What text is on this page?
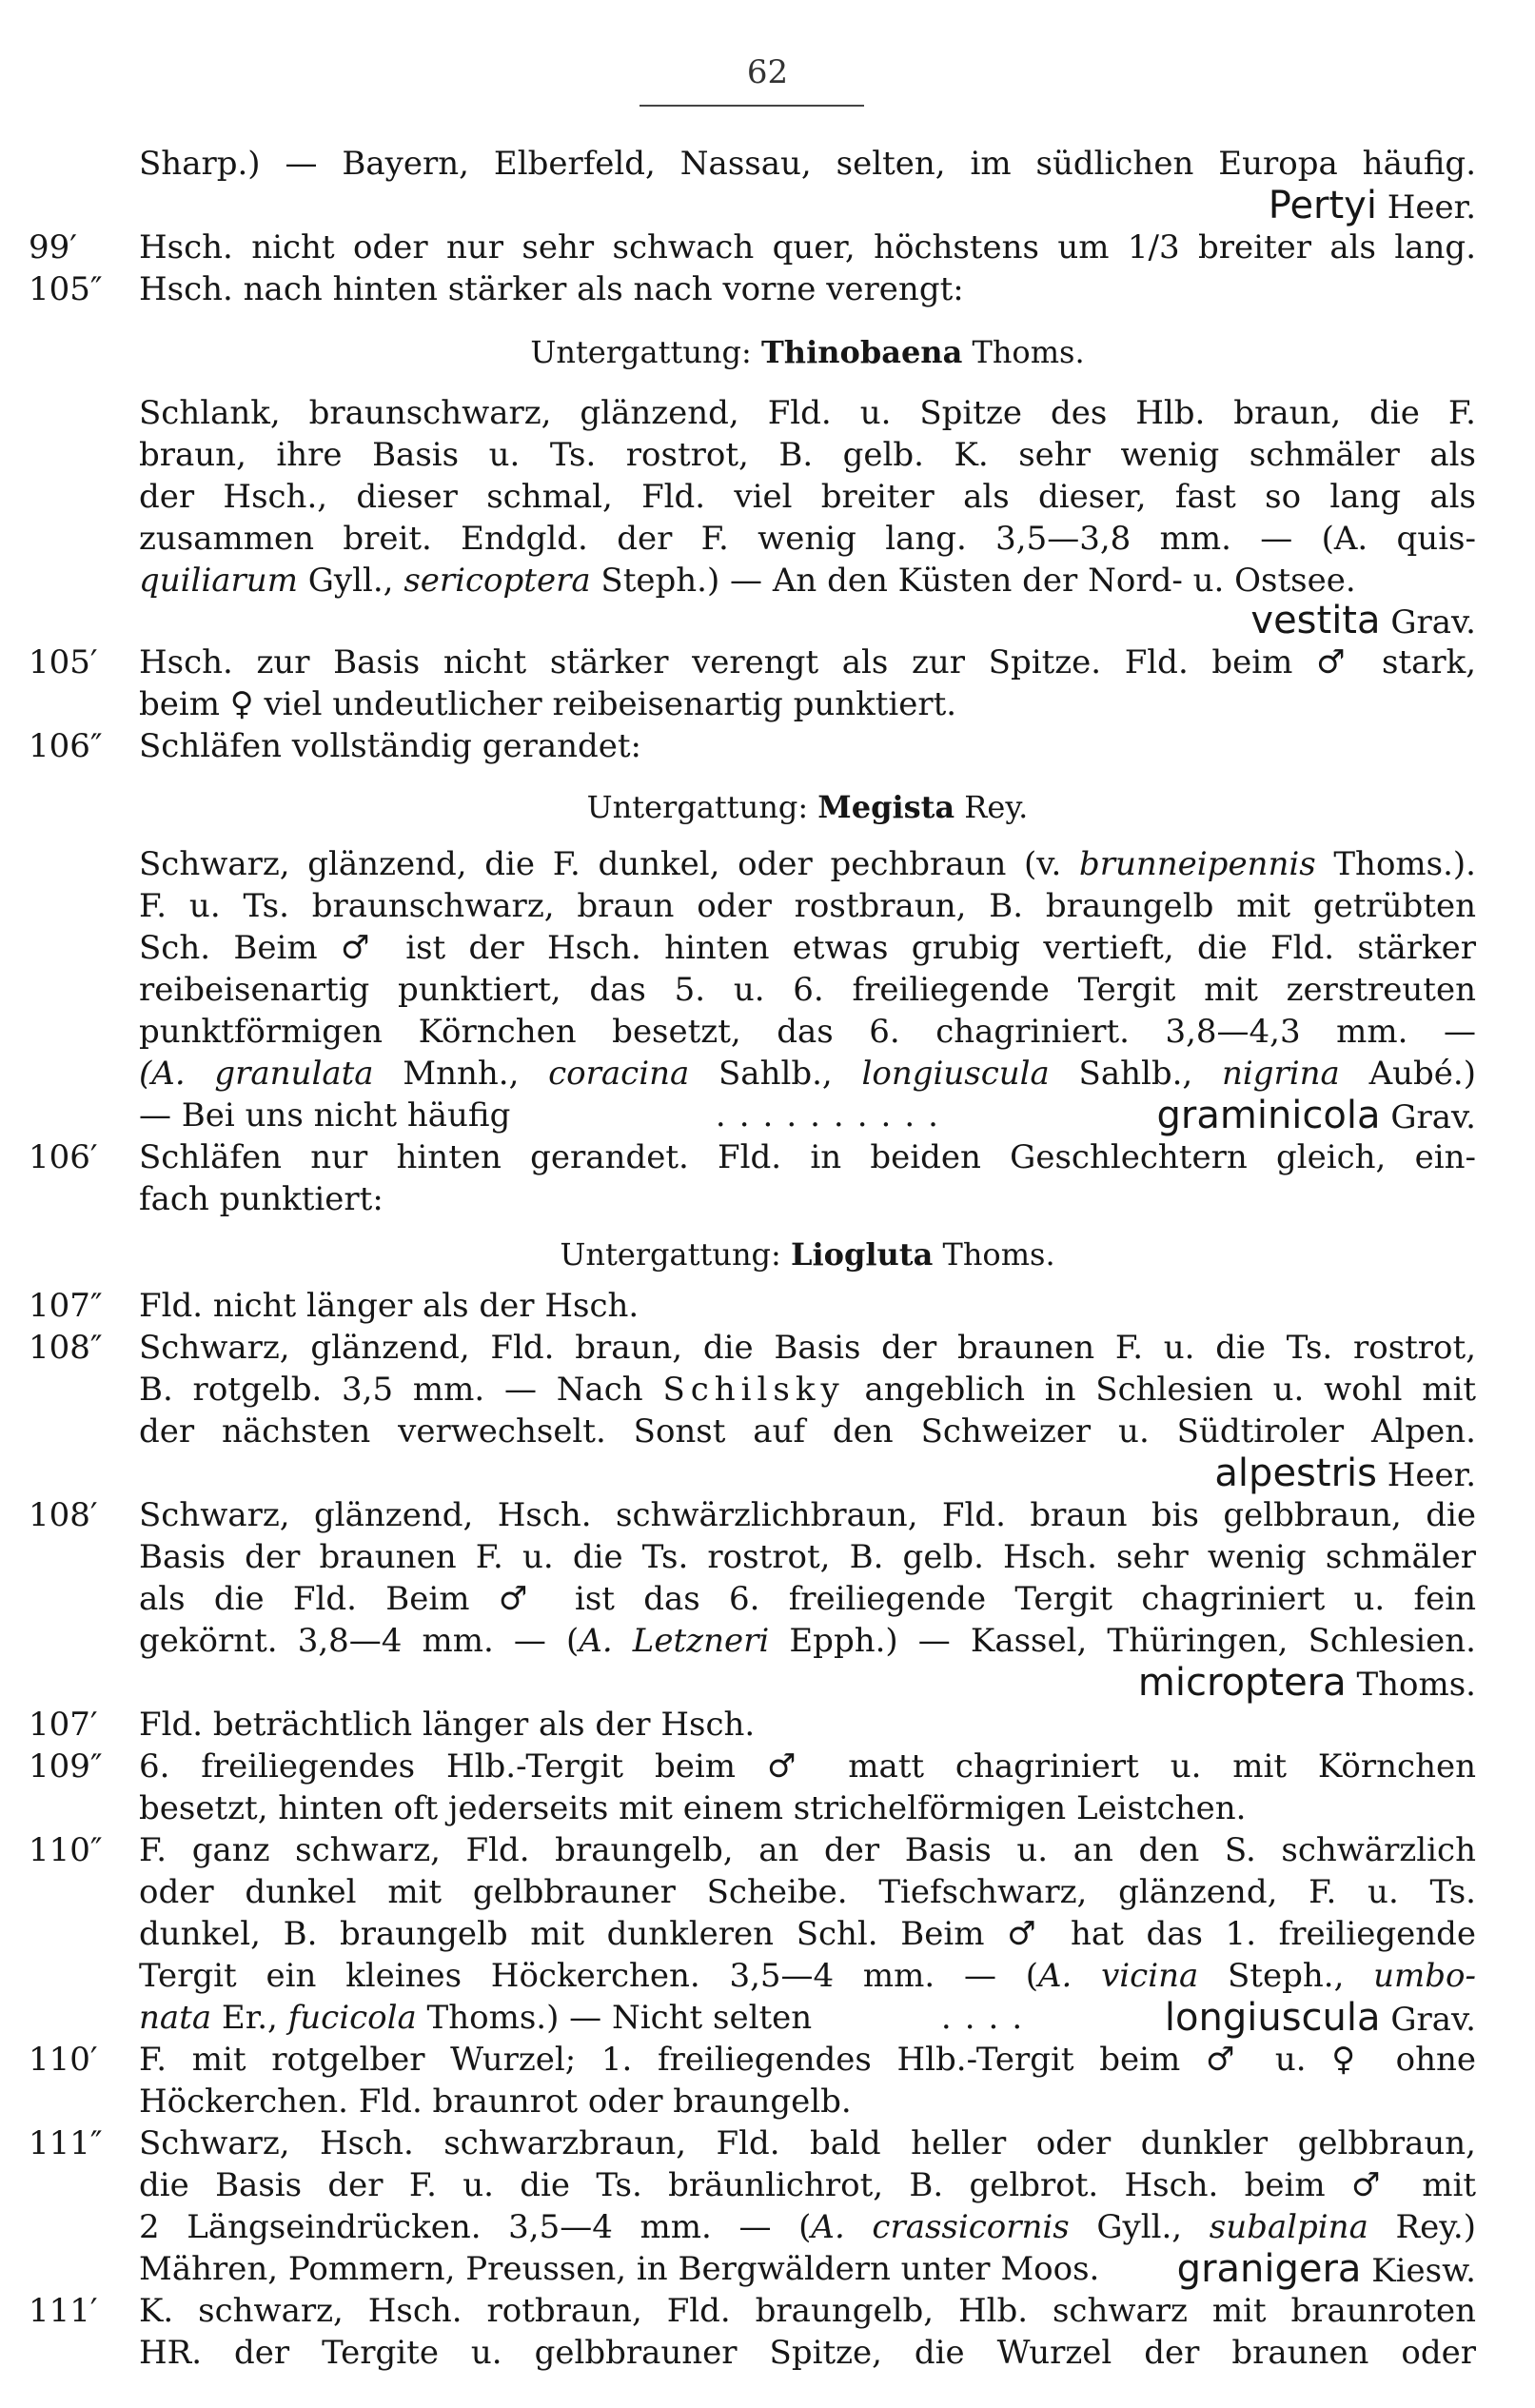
62
Sharp.) — Bayern, Elberfeld, Nassau, selten, im südlichen Europa häufig.
Pertyi Heer.
99′	Hsch. nicht oder nur sehr schwach quer, höchstens um 1/3 breiter als lang.
105″	Hsch. nach hinten stärker als nach vorne verengt:
Untergattung: Thinobaena Thoms.
Schlank, braunschwarz, glänzend, Fld. u. Spitze des Hlb. braun, die F.
braun, ihre Basis u. Ts. rostrot, B. gelb. K. sehr wenig schmäler als
der Hsch., dieser schmal, Fld. viel breiter als dieser, fast so lang als
zusammen breit. Endgld. der F. wenig lang. 3,5—3,8 mm. — (A. quis-
quiliarum Gyll., sericoptera Steph.) — An den Küsten der Nord- u. Ostsee.
vestita Grav.
105′	Hsch. zur Basis nicht stärker verengt als zur Spitze. Fld. beim ♂ stark,
beim ♀ viel undeutlicher reibeisenartig punktiert.
106″	Schläfen vollständig gerandet:
Untergattung: Megista Rey.
Schwarz, glänzend, die F. dunkel, oder pechbraun (v. brunneipennis Thoms.).
F. u. Ts. braunschwarz, braun oder rostbraun, B. braungelb mit getrübten
Sch. Beim ♂ ist der Hsch. hinten etwas grubig vertieft, die Fld. stärker
reibeisenartig punktiert, das 5. u. 6. freiliegende Tergit mit zerstreuten
punktförmigen Körnchen besetzt, das 6. chagriniert. 3,8—4,3 mm. —
(A. granulata Mnnh., coracina Sahlb., longiuscula Sahlb., nigrina Aubé.)
— Bei uns nicht häufig	..........	graminicola Grav.
106′	Schläfen nur hinten gerandet. Fld. in beiden Geschlechtern gleich, ein-
fach punktiert:
Untergattung: Liogluta Thoms.
107″	Fld. nicht länger als der Hsch.
108″	Schwarz, glänzend, Fld. braun, die Basis der braunen F. u. die Ts. rostrot,
B. rotgelb. 3,5 mm. — Nach Schilsky angeblich in Schlesien u. wohl mit
der nächsten verwechselt. Sonst auf den Schweizer u. Südtiroler Alpen.
alpestris Heer.
108′	Schwarz, glänzend, Hsch. schwärzlichbraun, Fld. braun bis gelbbraun, die
Basis der braunen F. u. die Ts. rostrot, B. gelb. Hsch. sehr wenig schmäler
als die Fld. Beim ♂ ist das 6. freiliegende Tergit chagriniert u. fein
gekörnt. 3,8—4 mm. — (A. Letzneri Epph.) — Kassel, Thüringen, Schlesien.
microptera Thoms.
107′	Fld. beträchtlich länger als der Hsch.
109″	6. freiliegendes Hlb.-Tergit beim ♂ matt chagriniert u. mit Körnchen
besetzt, hinten oft jederseits mit einem strichelförmigen Leistchen.
110″	F. ganz schwarz, Fld. braungelb, an der Basis u. an den S. schwärzlich
oder dunkel mit gelbbrauner Scheibe. Tiefschwarz, glänzend, F. u. Ts.
dunkel, B. braungelb mit dunkleren Schl. Beim ♂ hat das 1. freiliegende
Tergit ein kleines Höckerchen. 3,5—4 mm. — (A. vicina Steph., umbo-
nata Er., fucicola Thoms.) — Nicht selten	....	longiuscula Grav.
110′	F. mit rotgelber Wurzel; 1. freiliegendes Hlb.-Tergit beim ♂ u. ♀ ohne
Höckerchen. Fld. braunrot oder braungelb.
111″	Schwarz, Hsch. schwarzbraun, Fld. bald heller oder dunkler gelbbraun,
die Basis der F. u. die Ts. bräunlichrot, B. gelbrot. Hsch. beim ♂ mit
2 Längseindrücken. 3,5—4 mm. — (A. crassicornis Gyll., subalpina Rey.)
Mähren, Pommern, Preussen, in Bergwäldern unter Moos. granigera Kiesw.
111′	K. schwarz, Hsch. rotbraun, Fld. braungelb, Hlb. schwarz mit braunroten
HR. der Tergite u. gelbbrauner Spitze, die Wurzel der braunen oder
